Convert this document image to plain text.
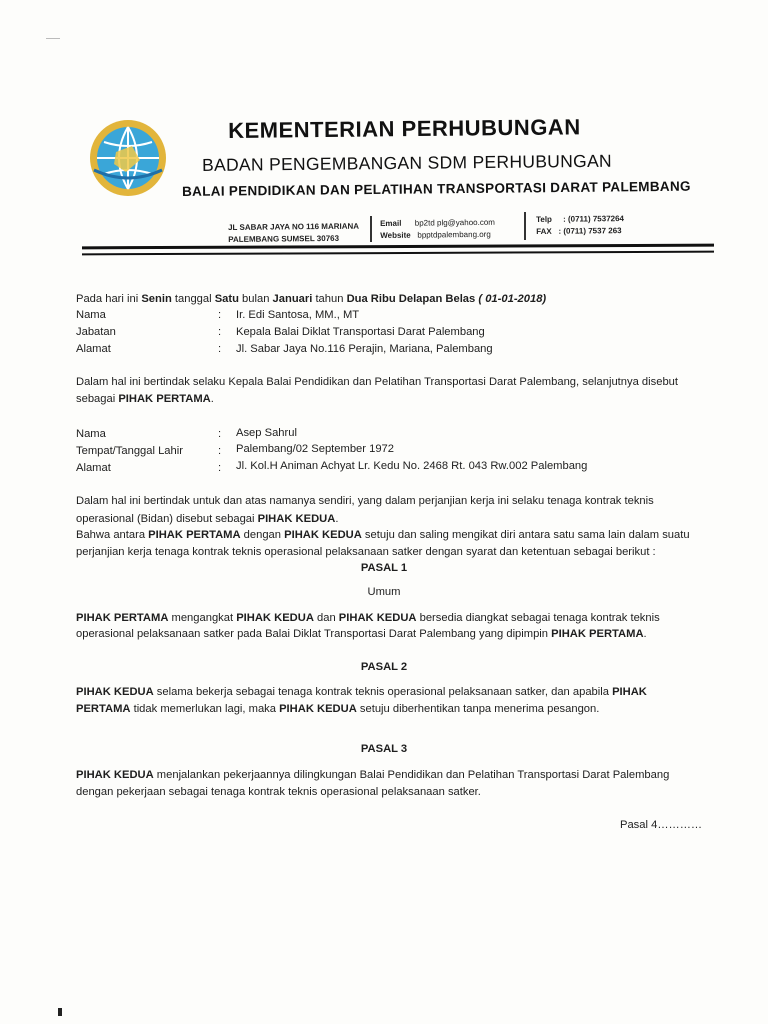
KEMENTERIAN PERHUBUNGAN
BADAN PENGEMBANGAN SDM PERHUBUNGAN
BALAI PENDIDIKAN DAN PELATIHAN TRANSPORTASI DARAT PALEMBANG
JL SABAR JAYA NO 116 MARIANA
PALEMBANG SUMSEL 30763
Email bp2td plg@yahoo.com
Website bpptdpalembang.org
Telp : (0711) 7537264
FAX : (0711) 7537 263
Pada hari ini Senin tanggal Satu bulan Januari tahun Dua Ribu Delapan Belas ( 01-01-2018)
Nama	: Ir. Edi Santosa, MM., MT
Jabatan	: Kepala Balai Diklat Transportasi Darat Palembang
Alamat	: Jl. Sabar Jaya No.116 Perajin, Mariana, Palembang
Dalam hal ini bertindak selaku Kepala Balai Pendidikan dan Pelatihan Transportasi Darat Palembang, selanjutnya disebut
sebagai PIHAK PERTAMA.
Nama	: Asep Sahrul
Tempat/Tanggal Lahir	: Palembang/02 September 1972
Alamat	: Jl. Kol.H Animan Achyat Lr. Kedu No. 2468 Rt. 043 Rw.002 Palembang
Dalam hal ini bertindak untuk dan atas namanya sendiri, yang dalam perjanjian kerja ini selaku tenaga kontrak teknis
operasional (Bidan) disebut sebagai PIHAK KEDUA.
Bahwa antara PIHAK PERTAMA dengan PIHAK KEDUA setuju dan saling mengikat diri antara satu sama lain dalam suatu
perjanjian kerja tenaga kontrak teknis operasional pelaksanaan satker dengan syarat dan ketentuan sebagai berikut :
PASAL 1
Umum
PIHAK PERTAMA mengangkat PIHAK KEDUA dan PIHAK KEDUA bersedia diangkat sebagai tenaga kontrak teknis
operasional pelaksanaan satker pada Balai Diklat Transportasi Darat Palembang yang dipimpin PIHAK PERTAMA.
PASAL 2
PIHAK KEDUA selama bekerja sebagai tenaga kontrak teknis operasional pelaksanaan satker, dan apabila PIHAK
PERTAMA tidak memerlukan lagi, maka PIHAK KEDUA setuju diberhentikan tanpa menerima pesangon.
PASAL 3
PIHAK KEDUA menjalankan pekerjaannya dilingkungan Balai Pendidikan dan Pelatihan Transportasi Darat Palembang
dengan pekerjaan sebagai tenaga kontrak teknis operasional pelaksanaan satker.
Pasal 4…………
